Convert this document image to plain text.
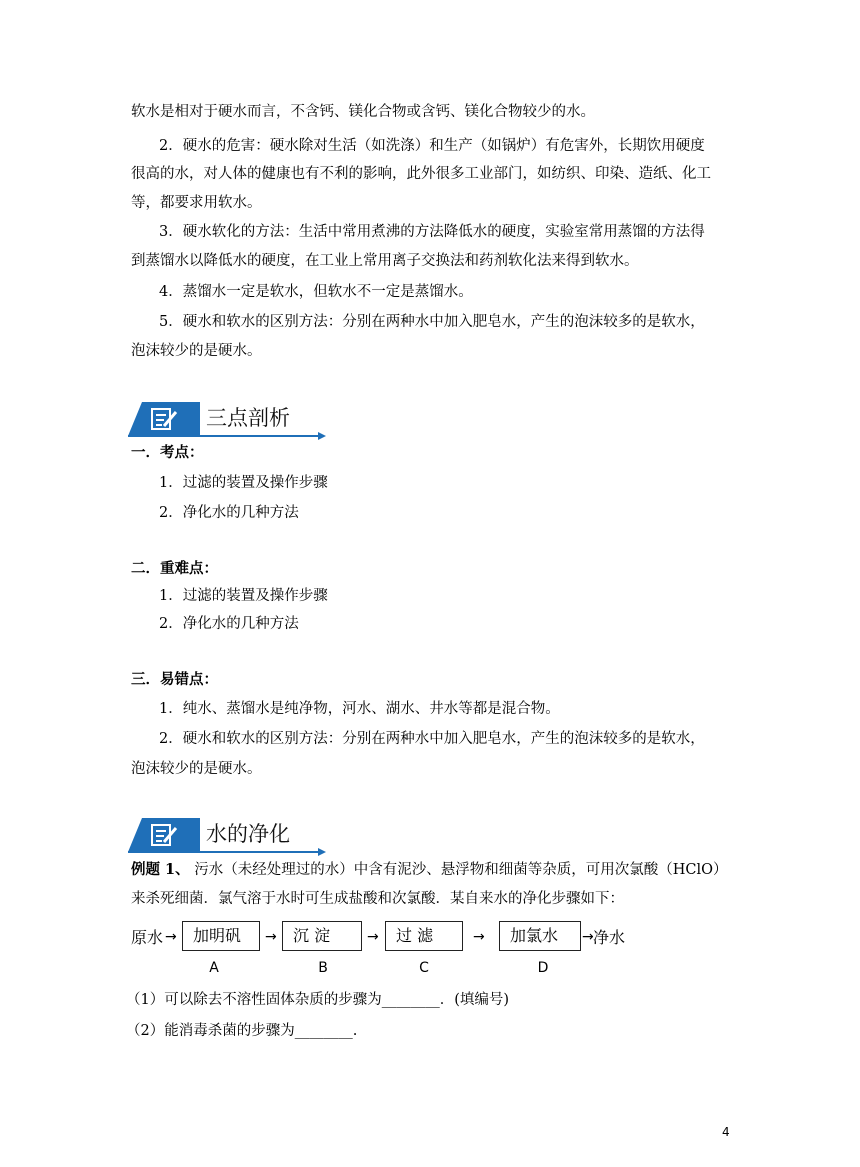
软水是相对于硬水而言，不含钙、镁化合物或含钙、镁化合物较少的水。
2．硬水的危害：硬水除对生活（如洗涤）和生产（如锅炉）有危害外，长期饮用硬度
很高的水，对人体的健康也有不利的影响，此外很多工业部门，如纺织、印染、造纸、化工
等，都要求用软水。
3．硬水软化的方法：生活中常用煮沸的方法降低水的硬度，实验室常用蒸馏的方法得
到蒸馏水以降低水的硬度，在工业上常用离子交换法和药剂软化法来得到软水。
4．蒸馏水一定是软水，但软水不一定是蒸馏水。
5．硬水和软水的区别方法：分别在两种水中加入肥皂水，产生的泡沫较多的是软水，
泡沫较少的是硬水。
三点剖析
一．考点：
1．过滤的装置及操作步骤
2．净化水的几种方法
二．重难点：
1．过滤的装置及操作步骤
2．净化水的几种方法
三．易错点：
1．纯水、蒸馏水是纯净物，河水、湖水、井水等都是混合物。
2．硬水和软水的区别方法：分别在两种水中加入肥皂水，产生的泡沫较多的是软水，
泡沫较少的是硬水。
水的净化
例题 1、 污水（未经处理过的水）中含有泥沙、悬浮物和细菌等杂质，可用次氯酸（HClO）
来杀死细菌．氯气溶于水时可生成盐酸和次氯酸．某自来水的净化步骤如下：
原水 →	加明矾	→	沉 淀	→	过 滤	→	加氯水	→ 净水
A	B	C	D
（1）可以除去不溶性固体杂质的步骤为________．(填编号)
（2）能消毒杀菌的步骤为________.
4
